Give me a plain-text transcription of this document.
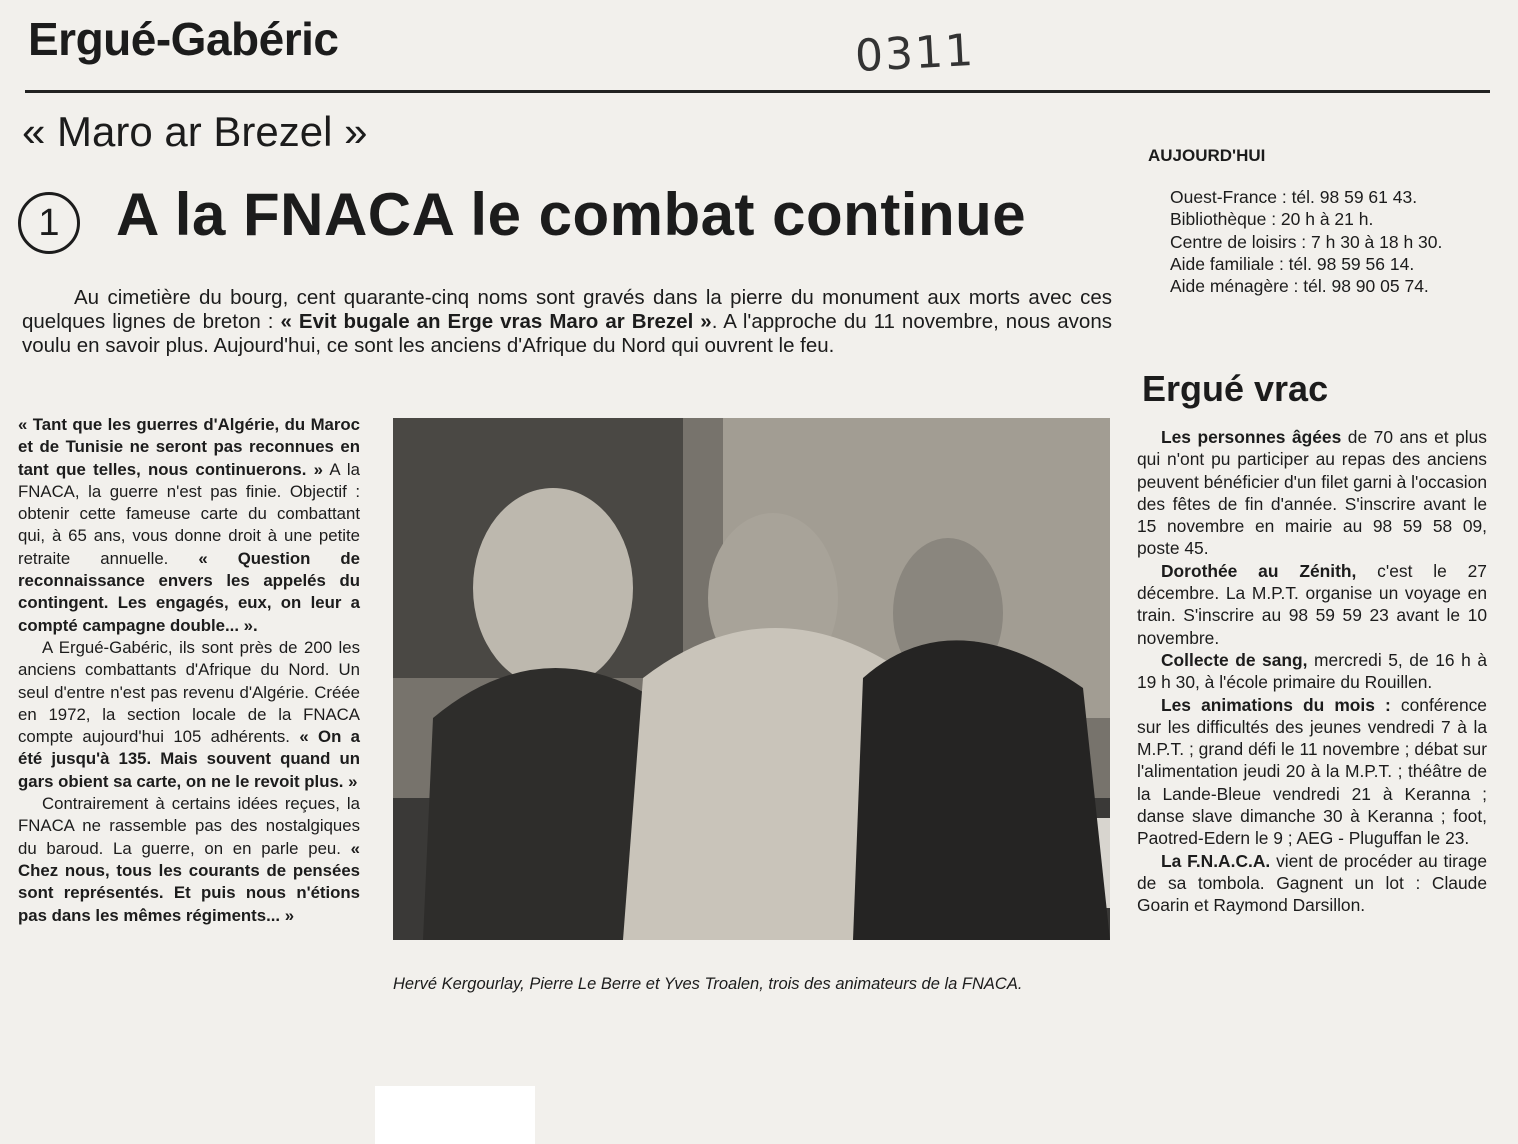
Ergué-Gabéric	0311
« Maro ar Brezel »
1 A la FNACA le combat continue
Au cimetière du bourg, cent quarante-cinq noms sont gravés dans la pierre du monument aux morts avec ces quelques lignes de breton : « Evit bugale an Erge vras Maro ar Brezel ». A l'approche du 11 novembre, nous avons voulu en savoir plus. Aujourd'hui, ce sont les anciens d'Afrique du Nord qui ouvrent le feu.

« Tant que les guerres d'Algérie, du Maroc et de Tunisie ne seront pas reconnues en tant que telles, nous continuerons. » A la FNACA, la guerre n'est pas finie. Objectif : obtenir cette fameuse carte du combattant qui, à 65 ans, vous donne droit à une petite retraite annuelle. « Question de reconnaissance envers les appelés du contingent. Les engagés, eux, on leur a compté campagne double... ».

A Ergué-Gabéric, ils sont près de 200 les anciens combattants d'Afrique du Nord. Un seul d'entre n'est pas revenu d'Algérie. Créée en 1972, la section locale de la FNACA compte aujourd'hui 105 adhérents. « On a été jusqu'à 135. Mais souvent quand un gars obient sa carte, on ne le revoit plus. »

Contrairement à certains idées reçues, la FNACA ne rassemble pas des nostalgiques du baroud. La guerre, on en parle peu. « Chez nous, tous les courants de pensées sont représentés. Et puis nous n'étions pas dans les mêmes régiments... »

Hervé Kergourlay, Pierre Le Berre et Yves Troalen, trois des animateurs de la FNACA.
AUJOURD'HUI
Ouest-France : tél. 98 59 61 43.
Bibliothèque : 20 h à 21 h.
Centre de loisirs : 7 h 30 à 18 h 30.
Aide familiale : tél. 98 59 56 14.
Aide ménagère : tél. 98 90 05 74.
Ergué vrac

Les personnes âgées de 70 ans et plus qui n'ont pu participer au repas des anciens peuvent bénéficier d'un filet garni à l'occasion des fêtes de fin d'année. S'inscrire avant le 15 novembre en mairie au 98 59 58 09, poste 45.

Dorothée au Zénith, c'est le 27 décembre. La M.P.T. organise un voyage en train. S'inscrire au 98 59 59 23 avant le 10 novembre.

Collecte de sang, mercredi 5, de 16 h à 19 h 30, à l'école primaire du Rouillen.

Les animations du mois : conférence sur les difficultés des jeunes vendredi 7 à la M.P.T. ; grand défi le 11 novembre ; débat sur l'alimentation jeudi 20 à la M.P.T. ; théâtre de la Lande-Bleue vendredi 21 à Keranna ; danse slave dimanche 30 à Keranna ; foot, Paotred-Edern le 9 ; AEG - Pluguffan le 23.

La F.N.A.C.A. vient de procéder au tirage de sa tombola. Gagnent un lot : Claude Goarin et Raymond Darsillon.
